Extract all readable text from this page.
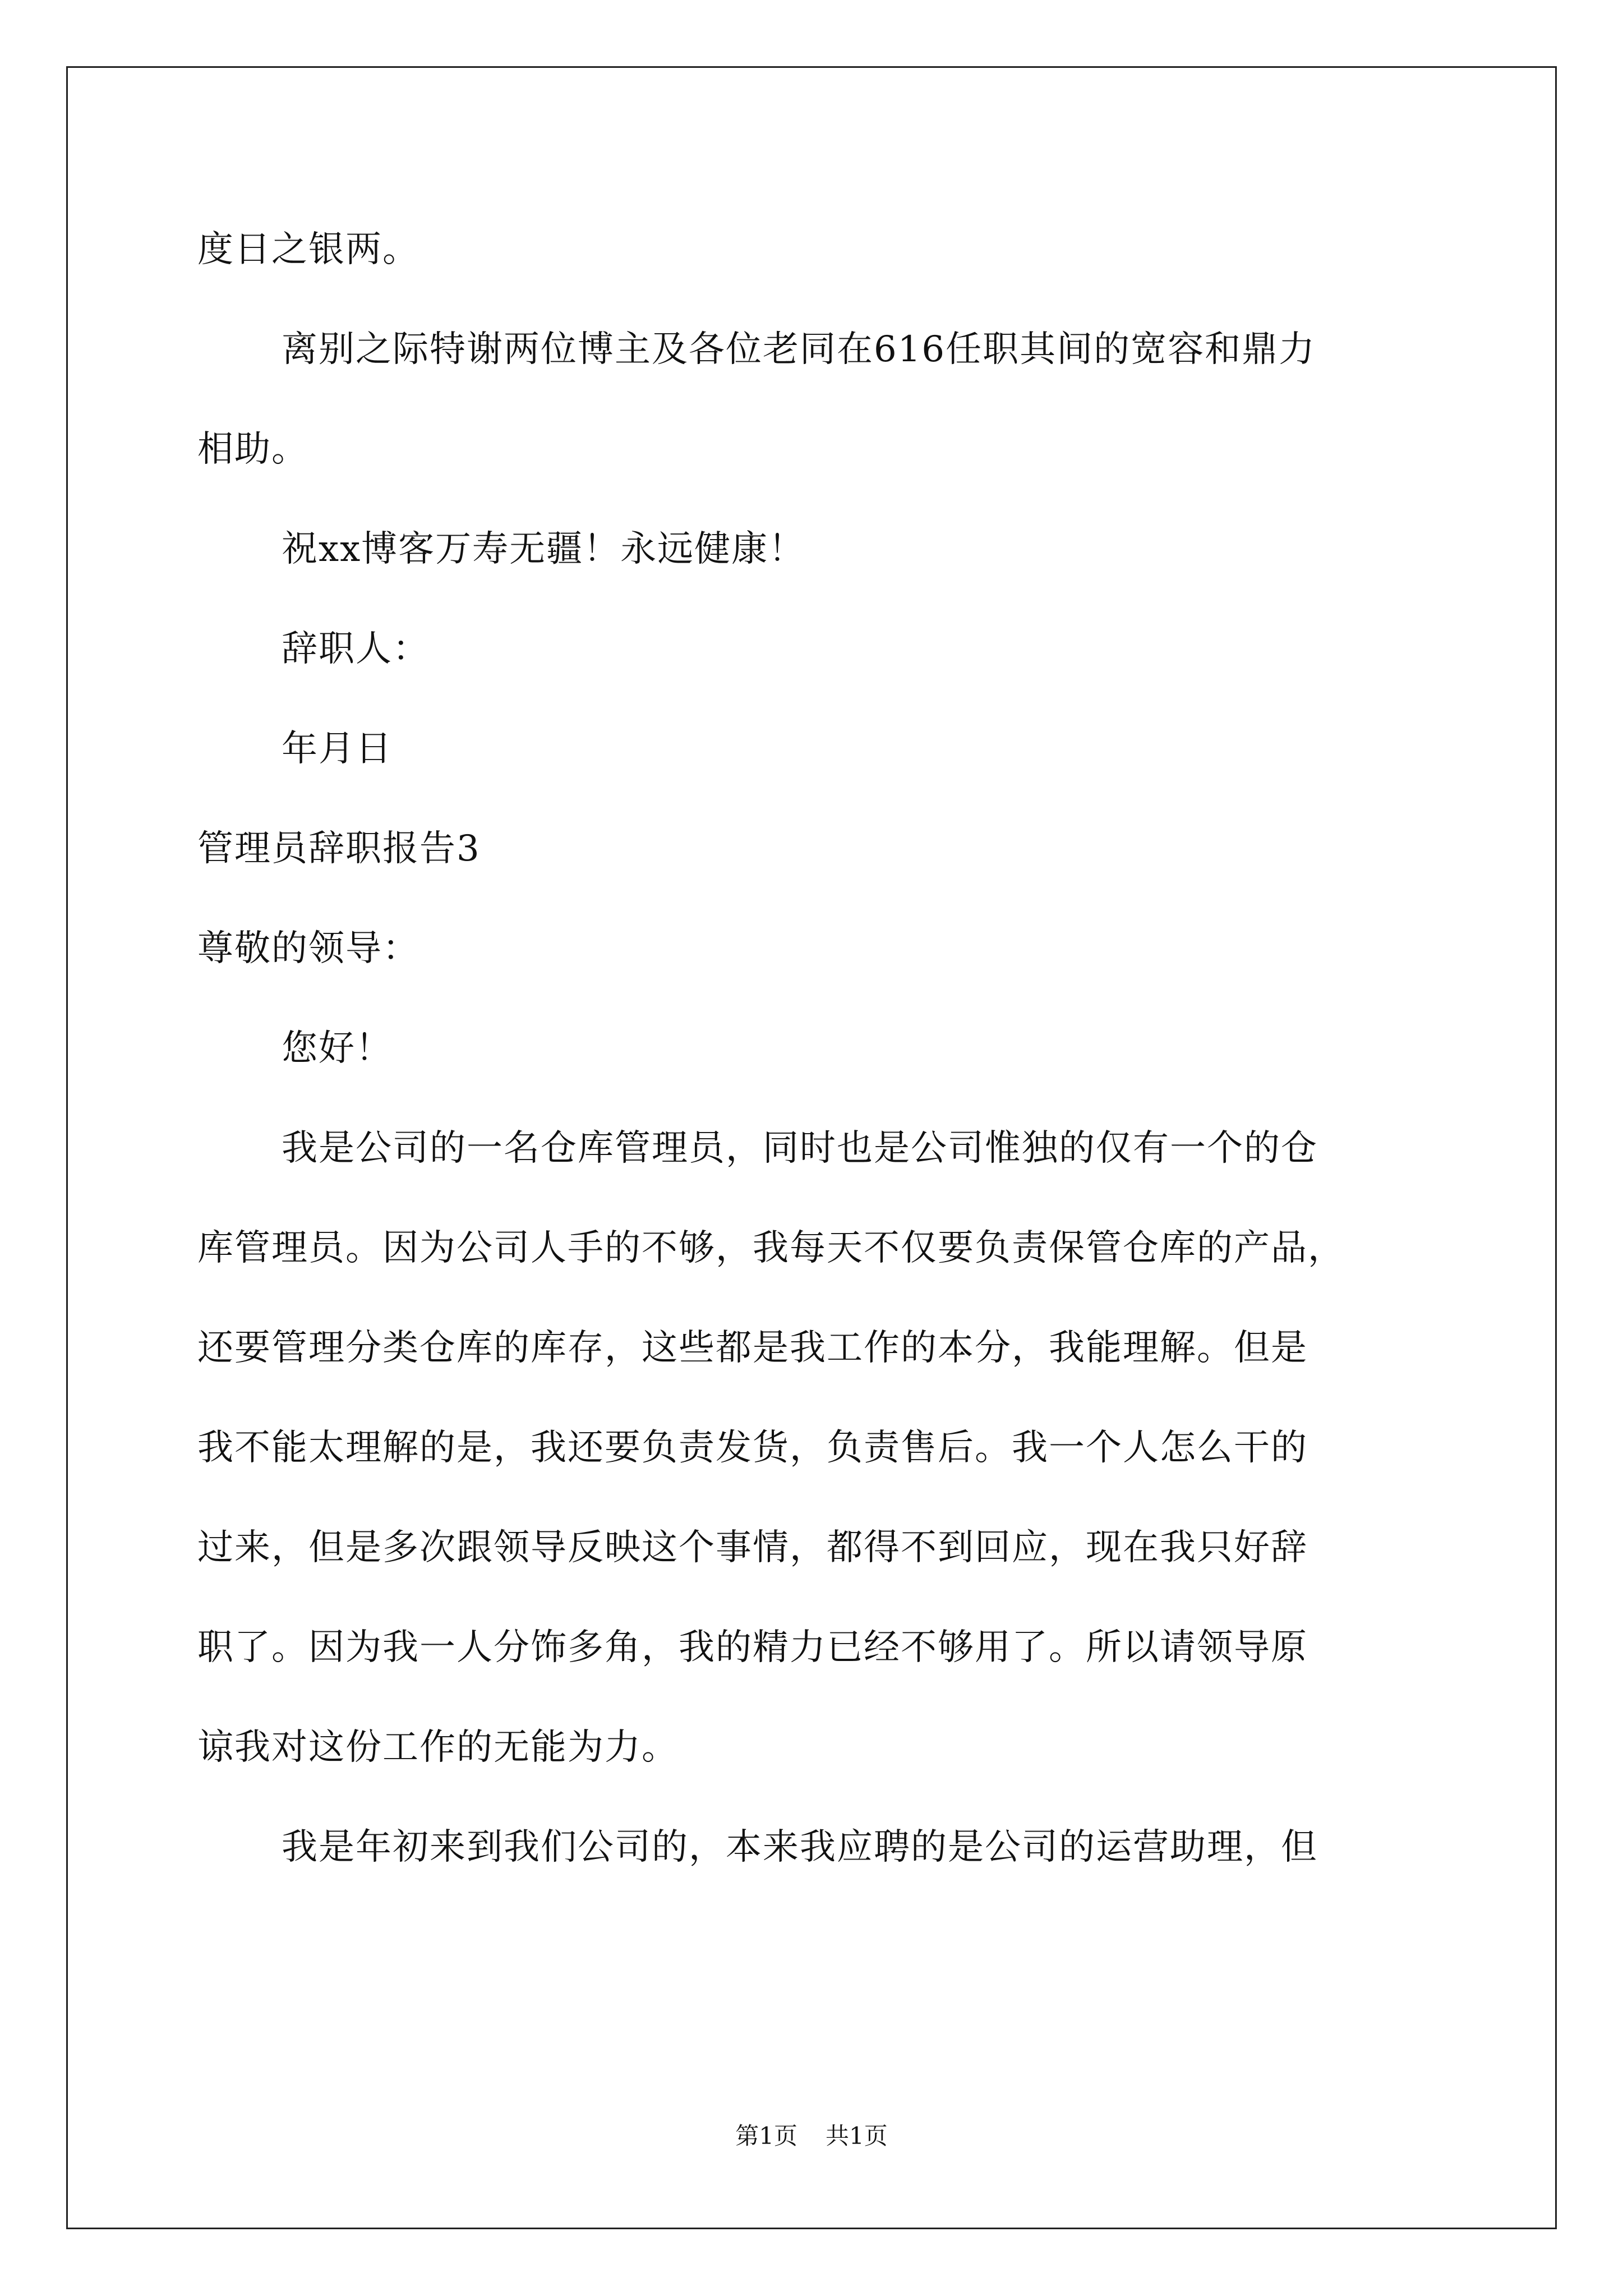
度日之银两。
离别之际特谢两位博主及各位老同在616任职其间的宽容和鼎力
相助。
祝xx博客万寿无疆！永远健康！
辞职人：
年月日
管理员辞职报告3
尊敬的领导：
您好！
我是公司的一名仓库管理员，同时也是公司惟独的仅有一个的仓
库管理员。因为公司人手的不够，我每天不仅要负责保管仓库的产品，
还要管理分类仓库的库存，这些都是我工作的本分，我能理解。但是
我不能太理解的是，我还要负责发货，负责售后。我一个人怎么干的
过来，但是多次跟领导反映这个事情，都得不到回应，现在我只好辞
职了。因为我一人分饰多角，我的精力已经不够用了。所以请领导原
谅我对这份工作的无能为力。
我是年初来到我们公司的，本来我应聘的是公司的运营助理，但
第1页 共1页
